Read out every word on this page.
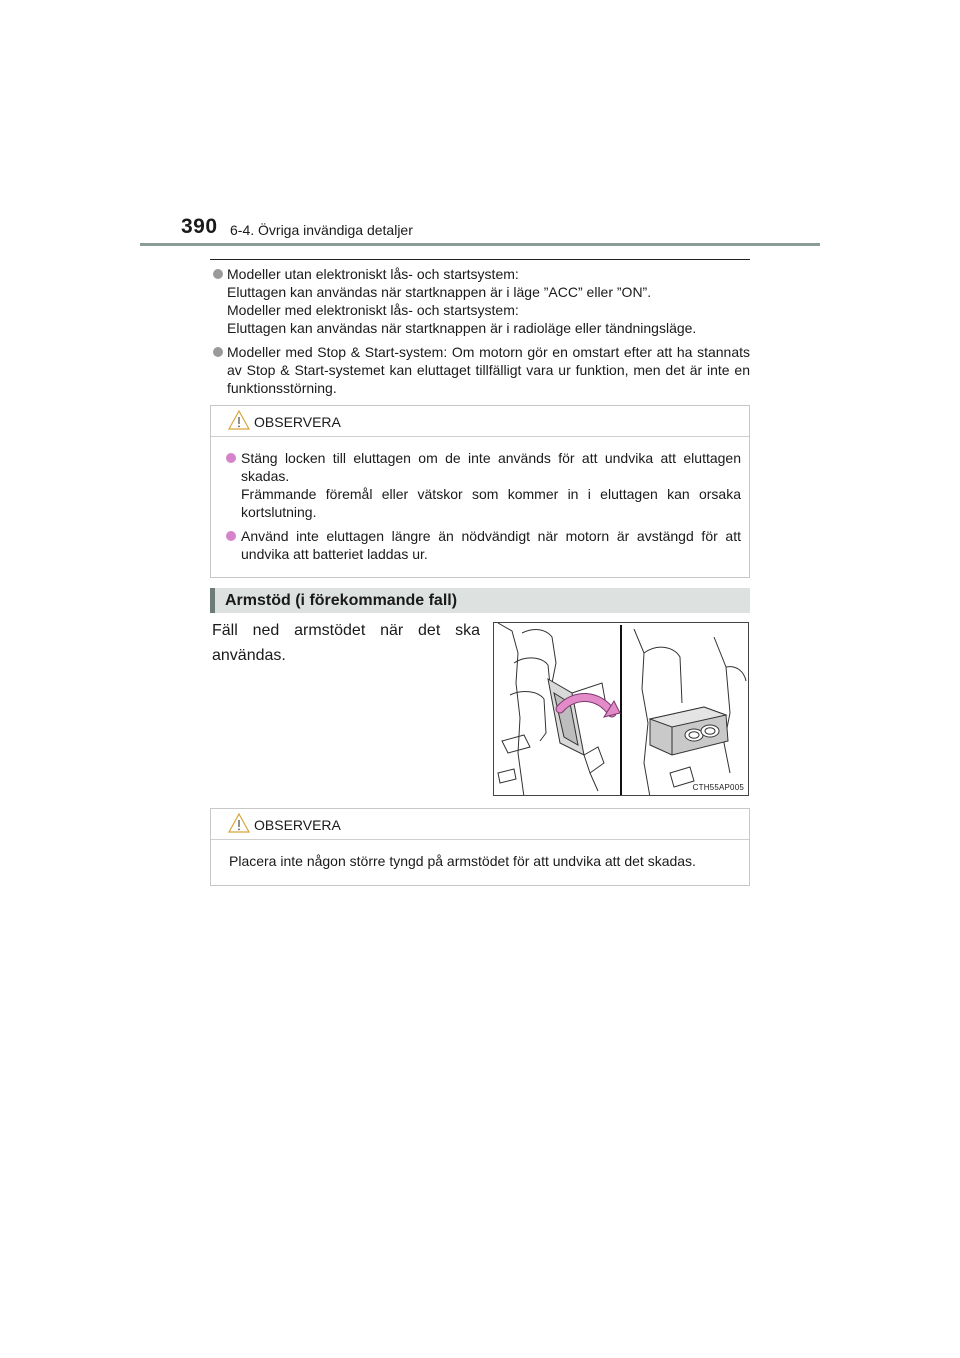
390 6-4. Övriga invändiga detaljer
Modeller utan elektroniskt lås- och startsystem:
Eluttagen kan användas när startknappen är i läge ”ACC” eller ”ON”.
Modeller med elektroniskt lås- och startsystem:
Eluttagen kan användas när startknappen är i radioläge eller tändningsläge.
Modeller med Stop & Start-system: Om motorn gör en omstart efter att ha stannats av Stop & Start-systemet kan eluttaget tillfälligt vara ur funktion, men det är inte en funktionsstörning.
OBSERVERA
Stäng locken till eluttagen om de inte används för att undvika att eluttagen skadas.
Främmande föremål eller vätskor som kommer in i eluttagen kan orsaka kortslutning.
Använd inte eluttagen längre än nödvändigt när motorn är avstängd för att undvika att batteriet laddas ur.
Armstöd (i förekommande fall)
Fäll ned armstödet när det ska användas.
CTH55AP005
OBSERVERA
Placera inte någon större tyngd på armstödet för att undvika att det skadas.
